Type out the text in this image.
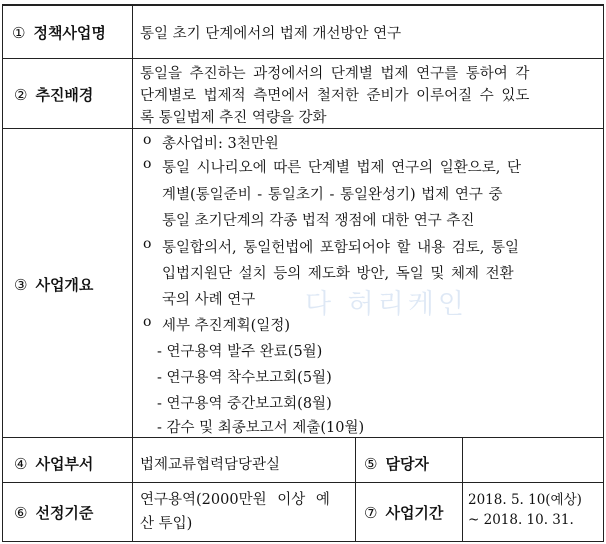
① 정책사업명 통일 초기 단계에서의 법제 개선방안 연구
② 추진배경
통일을 추진하는 과정에서의 단계별 법제 연구를 통하여 각
단계별로 법제적 측면에서 철저한 준비가 이루어질 수 있도
록 통일법제 추진 역량을 강화
③ 사업개요
o 총사업비: 3천만원
o 통일 시나리오에 따른 단계별 법제 연구의 일환으로, 단
계별(통일준비 - 통일초기 - 통일완성기) 법제 연구 중
통일 초기단계의 각종 법적 쟁점에 대한 연구 추진
o 통일합의서, 통일헌법에 포함되어야 할 내용 검토, 통일
입법지원단 설치 등의 제도화 방안, 독일 및 체제 전환
국의 사례 연구
o 세부 추진계획(일정)
- 연구용역 발주 완료(5월)
- 연구용역 착수보고회(5월)
- 연구용역 중간보고회(8월)
- 감수 및 최종보고서 제출(10월)
④ 사업부서	법제교류협력담당관실	⑤ 담당자
⑥ 선정기준
연구용역(2000만원 이상 예
산 투입)
⑦ 사업기간
2018. 5. 10(예상)
~ 2018. 10. 31.
다 허리케인
